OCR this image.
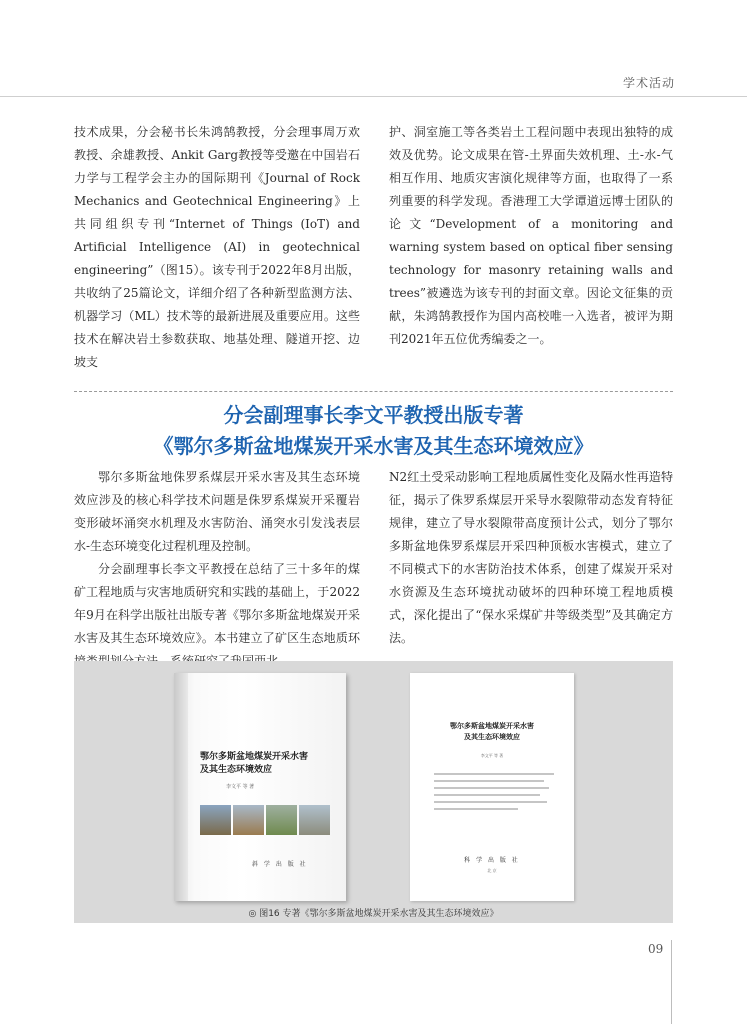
学术活动

技术成果，分会秘书长朱鸿鹄教授，分会理事周万欢教授、余雄教授、Ankit Garg教授等受邀在中国岩石力学与工程学会主办的国际期刊《Journal of Rock Mechanics and Geotechnical Engineering》上共同组织专刊“Internet of Things (IoT) and Artificial Intelligence (AI) in geotechnical engineering”（图15）。该专刊于2022年8月出版，共收纳了25篇论文，详细介绍了各种新型监测方法、机器学习（ML）技术等的最新进展及重要应用。这些技术在解决岩土参数获取、地基处理、隧道开挖、边坡支

护、洞室施工等各类岩土工程问题中表现出独特的成效及优势。论文成果在管-土界面失效机理、土-水-气相互作用、地质灾害演化规律等方面，也取得了一系列重要的科学发现。香港理工大学谭道远博士团队的论文“Development of a monitoring and warning system based on optical fiber sensing technology for masonry retaining walls and trees”被遴选为该专刊的封面文章。因论文征集的贡献，朱鸿鹄教授作为国内高校唯一入选者，被评为期刊2021年五位优秀编委之一。

分会副理事长李文平教授出版专著
《鄂尔多斯盆地煤炭开采水害及其生态环境效应》

鄂尔多斯盆地侏罗系煤层开采水害及其生态环境效应涉及的核心科学技术问题是侏罗系煤炭开采覆岩变形破坏涌突水机理及水害防治、涌突水引发浅表层水-生态环境变化过程机理及控制。

分会副理事长李文平教授在总结了三十多年的煤矿工程地质与灾害地质研究和实践的基础上，于2022年9月在科学出版社出版专著《鄂尔多斯盆地煤炭开采水害及其生态环境效应》。本书建立了矿区生态地质环

N2红土受采动影响工程地质属性变化及隔水性再造特征，揭示了侏罗系煤层开采导水裂隙带动态发育特征规律，建立了导水裂隙带高度预计公式，划分了鄂尔多斯盆地侏罗系煤层开采四种顶板水害模式，建立了不同模式下的水害防治技术体系，创建了煤炭开采对水资源及生态环境扰动破坏的四种环境工程地质模式，深化提出了“保水采煤矿井等级类型”及其确定方法。

鄂尔多斯盆地煤炭开采水害
及其生态环境效应
李文平 等 著
斜 学 出 版 社
鄂尔多斯盆地煤炭开采水害
及其生态环境效应
李文平 等 著
科 学 出 版 社
北 京
◎ 图16 专著《鄂尔多斯盆地煤炭开采水害及其生态环境效应》
09
